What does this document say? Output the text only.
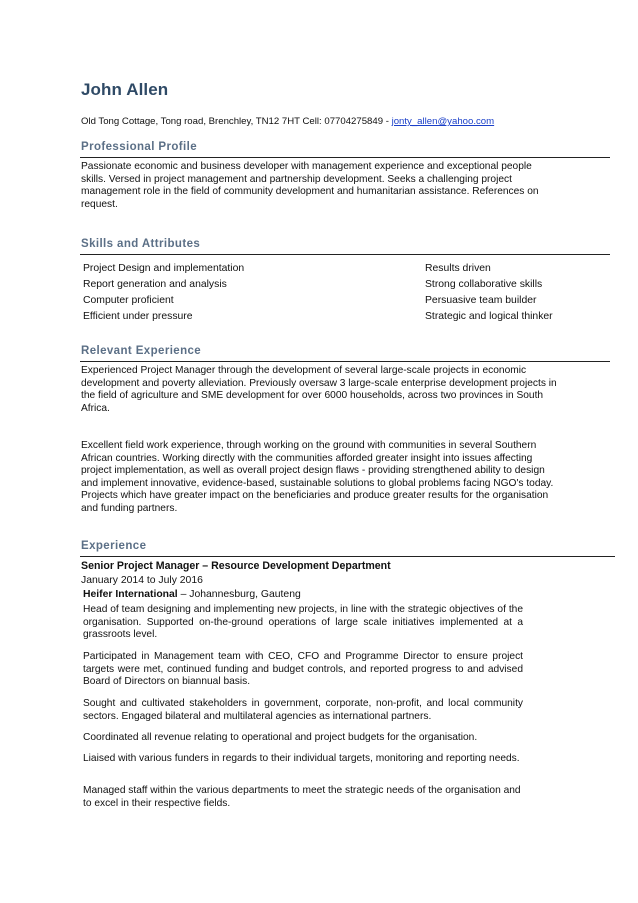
John Allen
Old Tong Cottage, Tong road, Brenchley, TN12 7HT Cell: 07704275849 - jonty_allen@yahoo.com
Professional Profile
Passionate economic and business developer with management experience and exceptional people skills. Versed in project management and partnership development. Seeks a challenging project management role in the field of community development and humanitarian assistance. References on request.
Skills and Attributes
Project Design and implementation
Report generation and analysis
Computer proficient
Efficient under pressure
Results driven
Strong collaborative skills
Persuasive team builder
Strategic and logical thinker
Relevant Experience
Experienced Project Manager through the development of several large-scale projects in economic development and poverty alleviation. Previously oversaw 3 large-scale enterprise development projects in the field of agriculture and SME development for over 6000 households, across two provinces in South Africa.
Excellent field work experience, through working on the ground with communities in several Southern African countries. Working directly with the communities afforded greater insight into issues affecting project implementation, as well as overall project design flaws - providing strengthened ability to design and implement innovative, evidence-based, sustainable solutions to global problems facing NGO's today. Projects which have greater impact on the beneficiaries and produce greater results for the organisation and funding partners.
Experience
Senior Project Manager – Resource Development Department
January 2014 to July 2016
Heifer International – Johannesburg, Gauteng
Head of team designing and implementing new projects, in line with the strategic objectives of the organisation. Supported on-the-ground operations of large scale initiatives implemented at a grassroots level.
Participated in Management team with CEO, CFO and Programme Director to ensure project targets were met, continued funding and budget controls, and reported progress to and advised Board of Directors on biannual basis.
Sought and cultivated stakeholders in government, corporate, non-profit, and local community sectors. Engaged bilateral and multilateral agencies as international partners.
Coordinated all revenue relating to operational and project budgets for the organisation.
Liaised with various funders in regards to their individual targets, monitoring and reporting needs.
Managed staff within the various departments to meet the strategic needs of the organisation and to excel in their respective fields.
